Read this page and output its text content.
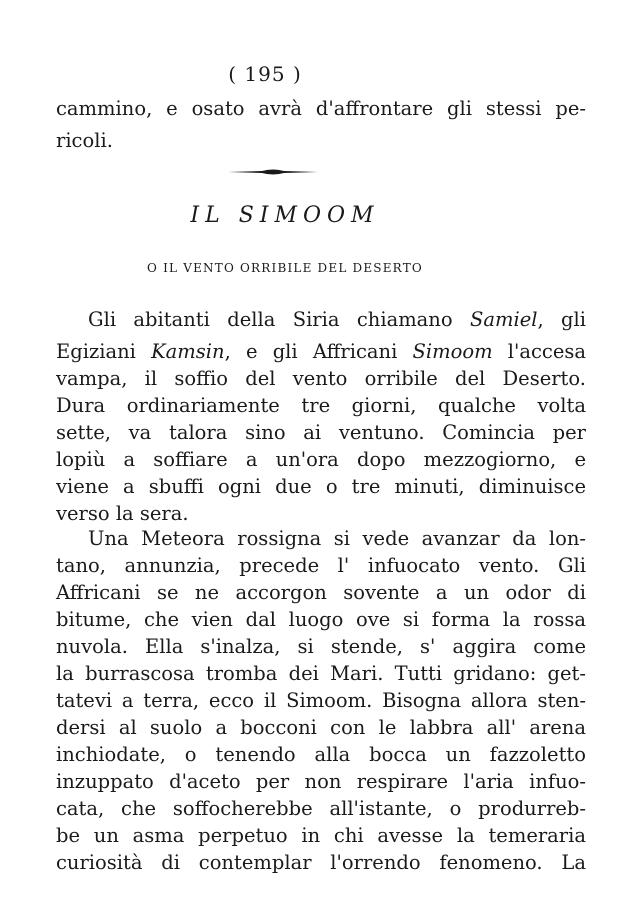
( 195 )
cammino, e osato avrà d'affrontare gli stessi pe-
ricoli.
IL SIMOOM
O IL VENTO ORRIBILE DEL DESERTO
Gli abitanti della Siria chiamano Samiel, gli
Egiziani Kamsin, e gli Affricani Simoom l'accesa
vampa, il soffio del vento orribile del Deserto.
Dura ordinariamente tre giorni, qualche volta
sette, va talora sino ai ventuno. Comincia per
lopiù a soffiare a un'ora dopo mezzogiorno, e
viene a sbuffi ogni due o tre minuti, diminuisce
verso la sera.
Una Meteora rossigna si vede avanzar da lon-
tano, annunzia, precede l' infuocato vento. Gli
Affricani se ne accorgon sovente a un odor di
bitume, che vien dal luogo ove si forma la rossa
nuvola. Ella s'inalza, si stende, s' aggira come
la burrascosa tromba dei Mari. Tutti gridano: get-
tatevi a terra, ecco il Simoom. Bisogna allora sten-
dersi al suolo a bocconi con le labbra all' arena
inchiodate, o tenendo alla bocca un fazzoletto
inzuppato d'aceto per non respirare l'aria infuo-
cata, che soffocherebbe all'istante, o produrreb-
be un asma perpetuo in chi avesse la temeraria
curiosità di contemplar l'orrendo fenomeno. La
